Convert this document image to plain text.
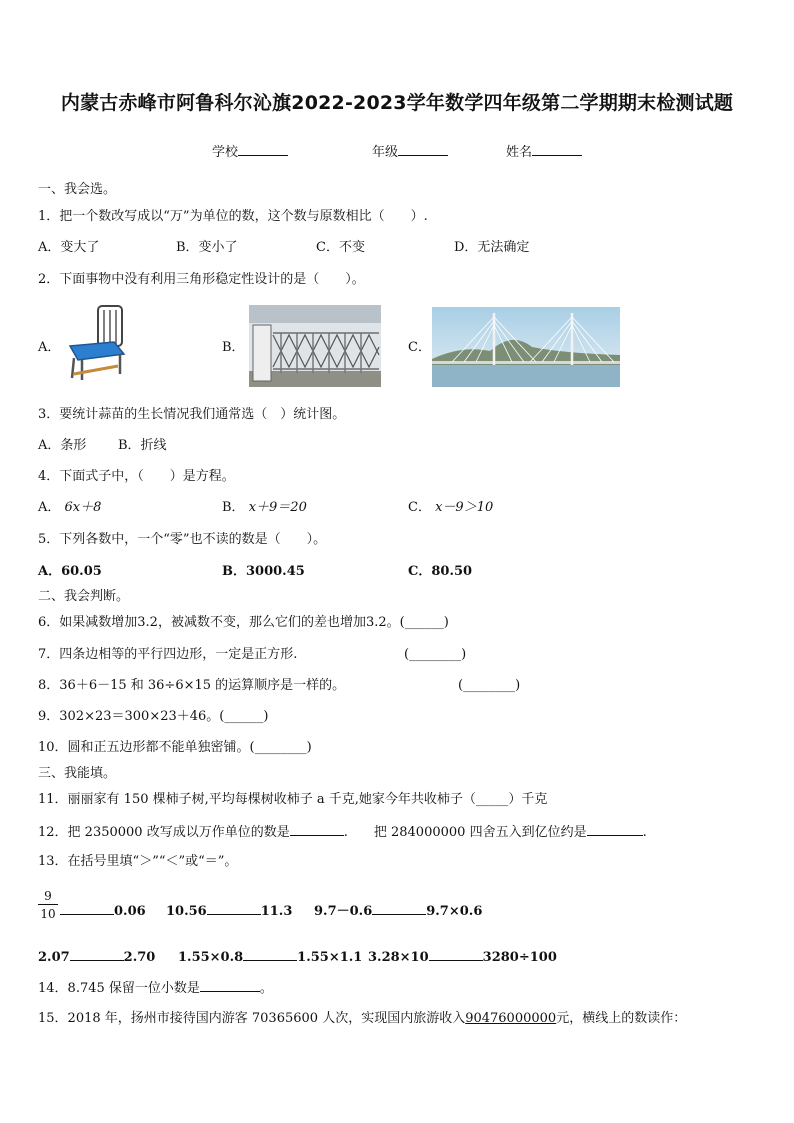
内蒙古赤峰市阿鲁科尔沁旗2022-2023学年数学四年级第二学期期末检测试题
学校	年级	姓名
一、我会选。
1．把一个数改写成以“万”为单位的数，这个数与原数相比（　　）.
A．变大了	B．变小了	C．不变	D．无法确定
2．下面事物中没有利用三角形稳定性设计的是（　　）。
A．	B．	C．
3．要统计蒜苗的生长情况我们通常选（　）统计图。
A．条形 B．折线
4．下面式子中，（　　）是方程。
A． 6x＋8	B． x＋9＝20	C． x－9＞10
5．下列各数中，一个“零”也不读的数是（　　）。
A．60.05	B．3000.45	C．80.50
二、我会判断。
6．如果减数增加3.2，被减数不变，那么它们的差也增加3.2。(______)
7．四条边相等的平行四边形，一定是正方形.	(________)
8．36＋6－15 和 36÷6×15 的运算顺序是一样的。	(________)
9．302×23＝300×23＋46。(______)
10．圆和正五边形都不能单独密铺。(________)
三、我能填。
11．丽丽家有 150 棵柿子树,平均每棵树收柿子 a 千克,她家今年共收柿子（_____）千克
12．把 2350000 改写成以万作单位的数是	. 把 284000000 四舍五入到亿位约是	.
13．在括号里填“＞”“＜”或“＝”。
$\frac{9}{10}$	0.06 10.56	11.3 9.7－0.6	9.7×0.6
2.07	2.70 1.55×0.8	1.55×1.1 3.28×10	3280÷100
14．8.745 保留一位小数是	。
15．2018 年，扬州市接待国内游客 70365600 人次，实现国内旅游收入90476000000元，横线上的数读作：
